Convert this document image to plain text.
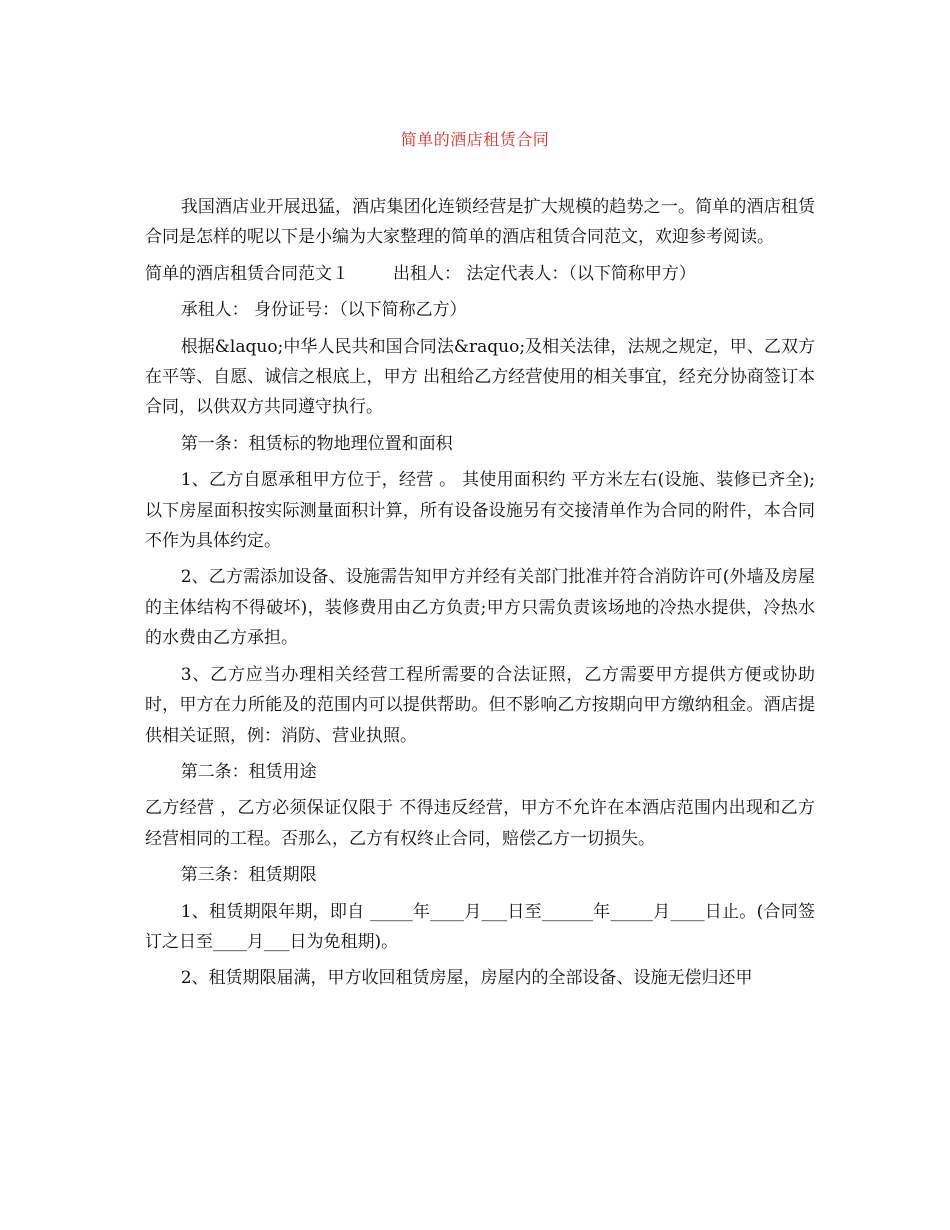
简单的酒店租赁合同

我国酒店业开展迅猛，酒店集团化连锁经营是扩大规模的趋势之一。简单的酒店租赁合同是怎样的呢以下是小编为大家整理的简单的酒店租赁合同范文，欢迎参考阅读。

简单的酒店租赁合同范文１	出租人： 法定代表人：（以下简称甲方）

承租人： 身份证号：（以下简称乙方）

根据&laquo;中华人民共和国合同法&raquo;及相关法律，法规之规定，甲、乙双方在平等、自愿、诚信之根底上，甲方 出租给乙方经营使用的相关事宜，经充分协商签订本合同，以供双方共同遵守执行。

第一条：租赁标的物地理位置和面积

1、乙方自愿承租甲方位于，经营 。 其使用面积约 平方米左右(设施、装修已齐全);以下房屋面积按实际测量面积计算，所有设备设施另有交接清单作为合同的附件，本合同不作为具体约定。

2、乙方需添加设备、设施需告知甲方并经有关部门批准并符合消防许可(外墙及房屋的主体结构不得破坏)，装修费用由乙方负责;甲方只需负责该场地的冷热水提供，冷热水的水费由乙方承担。

3、乙方应当办理相关经营工程所需要的合法证照，乙方需要甲方提供方便或协助时，甲方在力所能及的范围内可以提供帮助。但不影响乙方按期向甲方缴纳租金。酒店提供相关证照，例：消防、营业执照。

第二条：租赁用途

乙方经营 ，乙方必须保证仅限于 不得违反经营，甲方不允许在本酒店范围内出现和乙方经营相同的工程。否那么，乙方有权终止合同，赔偿乙方一切损失。

第三条：租赁期限

1、租赁期限年期，即自 _____年____月___日至______年_____月____日止。(合同签订之日至____月___日为免租期)。

2、租赁期限届满，甲方收回租赁房屋，房屋内的全部设备、设施无偿归还甲
